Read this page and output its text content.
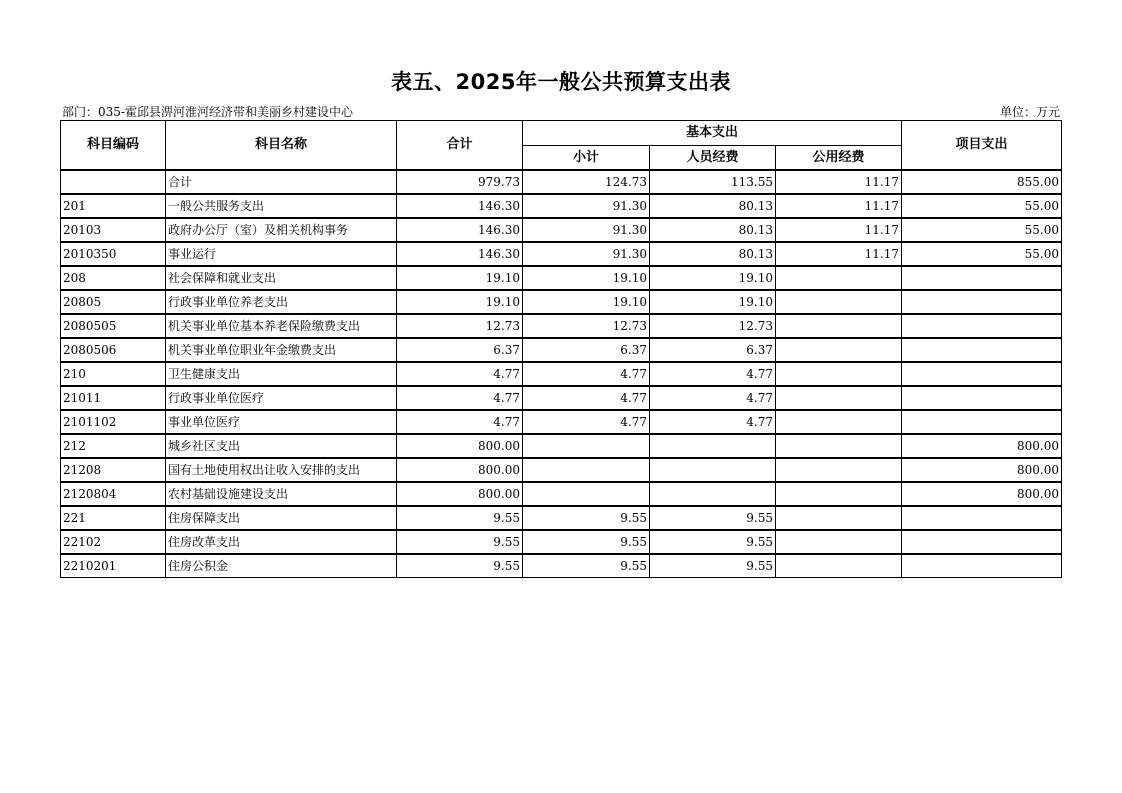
表五、2025年一般公共预算支出表
部门：035-霍邱县淠河淮河经济带和美丽乡村建设中心	单位：万元
科目编码	科目名称	合计	基本支出			项目支出
			小计	人员经费	公用经费	
	合计	979.73	124.73	113.55	11.17	855.00
201	一般公共服务支出	146.30	91.30	80.13	11.17	55.00
20103	政府办公厅（室）及相关机构事务	146.30	91.30	80.13	11.17	55.00
2010350	事业运行	146.30	91.30	80.13	11.17	55.00
208	社会保障和就业支出	19.10	19.10	19.10		
20805	行政事业单位养老支出	19.10	19.10	19.10		
2080505	机关事业单位基本养老保险缴费支出	12.73	12.73	12.73		
2080506	机关事业单位职业年金缴费支出	6.37	6.37	6.37		
210	卫生健康支出	4.77	4.77	4.77		
21011	行政事业单位医疗	4.77	4.77	4.77		
2101102	事业单位医疗	4.77	4.77	4.77		
212	城乡社区支出	800.00				800.00
21208	国有土地使用权出让收入安排的支出	800.00				800.00
2120804	农村基础设施建设支出	800.00				800.00
221	住房保障支出	9.55	9.55	9.55		
22102	住房改革支出	9.55	9.55	9.55		
2210201	住房公积金	9.55	9.55	9.55		
